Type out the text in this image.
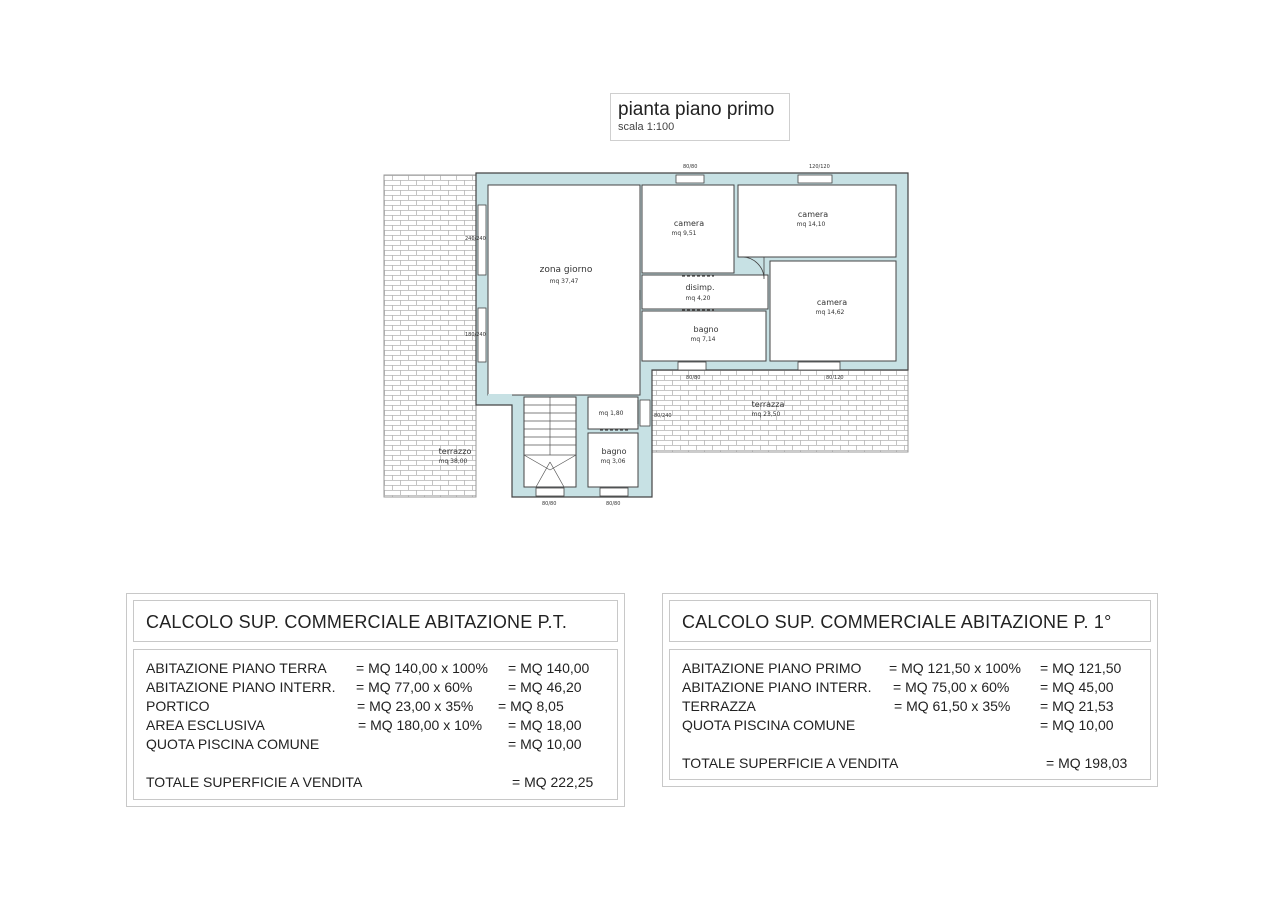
pianta piano primo
scala 1:100
80/80	120/120
240/240
180/240
80/80	80/120
80/80	80/80
80/240
zona giorno
mq 37,47
camera
mq 9,51
camera
mq 14,10
disimp.
mq 4,20
bagno
mq 7,14
camera
mq 14,62
terrazza
mq 23,50
terrazzo
mq 38,00
mq 1,80
bagno
mq 3,06
CALCOLO SUP. COMMERCIALE ABITAZIONE P.T.
ABITAZIONE PIANO TERRA = MQ 140,00 x 100% = MQ 140,00
ABITAZIONE PIANO INTERR. = MQ 77,00 x 60%	= MQ 46,20
PORTICO	= MQ 23,00 x 35% = MQ 8,05
AREA ESCLUSIVA	= MQ 180,00 x 10% = MQ 18,00
QUOTA PISCINA COMUNE	= MQ 10,00
TOTALE SUPERFICIE A VENDITA	= MQ 222,25
CALCOLO SUP. COMMERCIALE ABITAZIONE P. 1°
ABITAZIONE PIANO PRIMO = MQ 121,50 x 100% = MQ 121,50
ABITAZIONE PIANO INTERR. = MQ 75,00 x 60% = MQ 45,00
TERRAZZA	= MQ 61,50 x 35% = MQ 21,53
QUOTA PISCINA COMUNE	= MQ 10,00
TOTALE SUPERFICIE A VENDITA	= MQ 198,03
